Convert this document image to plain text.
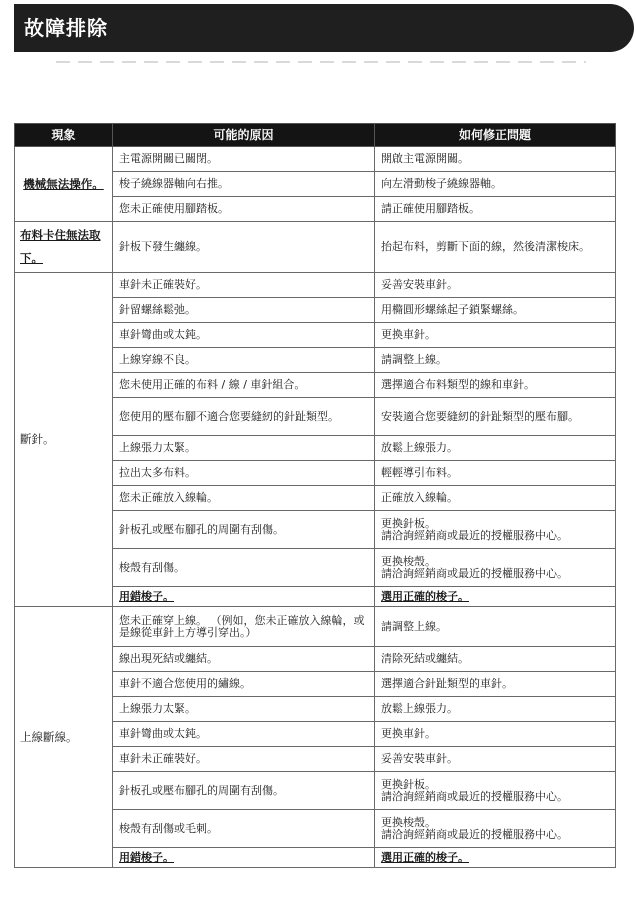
故障排除
現象	可能的原因	如何修正問題
機械無法操作。	主電源開關已關閉。	開啟主電源開關。
	梭子繞線器軸向右推。	向左滑動梭子繞線器軸。
	您未正確使用腳踏板。	請正確使用腳踏板。
布料卡住無法取下。	針板下發生纏線。	抬起布料，剪斷下面的線，然後清潔梭床。
斷針。	車針未正確裝好。	妥善安裝車針。
	針留螺絲鬆弛。	用橢圓形螺絲起子鎖緊螺絲。
	車針彎曲或太鈍。	更換車針。
	上線穿線不良。	請調整上線。
	您未使用正確的布料 / 線 / 車針組合。	選擇適合布料類型的線和車針。
	您使用的壓布腳不適合您要縫紉的針趾類型。	安裝適合您要縫紉的針趾類型的壓布腳。
	上線張力太緊。	放鬆上線張力。
	拉出太多布料。	輕輕導引布料。
	您未正確放入線輪。	正確放入線輪。
	針板孔或壓布腳孔的周圍有刮傷。	更換針板。
請洽詢經銷商或最近的授權服務中心。
	梭殼有刮傷。	更換梭殼。
請洽詢經銷商或最近的授權服務中心。
	用錯梭子。	選用正確的梭子。
上線斷線。	您未正確穿上線。 （例如，您未正確放入線輪，或是線從車針上方導引穿出。）	請調整上線。
	線出現死結或纏結。	清除死結或纏結。
	車針不適合您使用的繡線。	選擇適合針趾類型的車針。
	上線張力太緊。	放鬆上線張力。
	車針彎曲或太鈍。	更換車針。
	車針未正確裝好。	妥善安裝車針。
	針板孔或壓布腳孔的周圍有刮傷。	更換針板。
請洽詢經銷商或最近的授權服務中心。
	梭殼有刮傷或毛刺。	更換梭殼。
請洽詢經銷商或最近的授權服務中心。
	用錯梭子。	選用正確的梭子。
